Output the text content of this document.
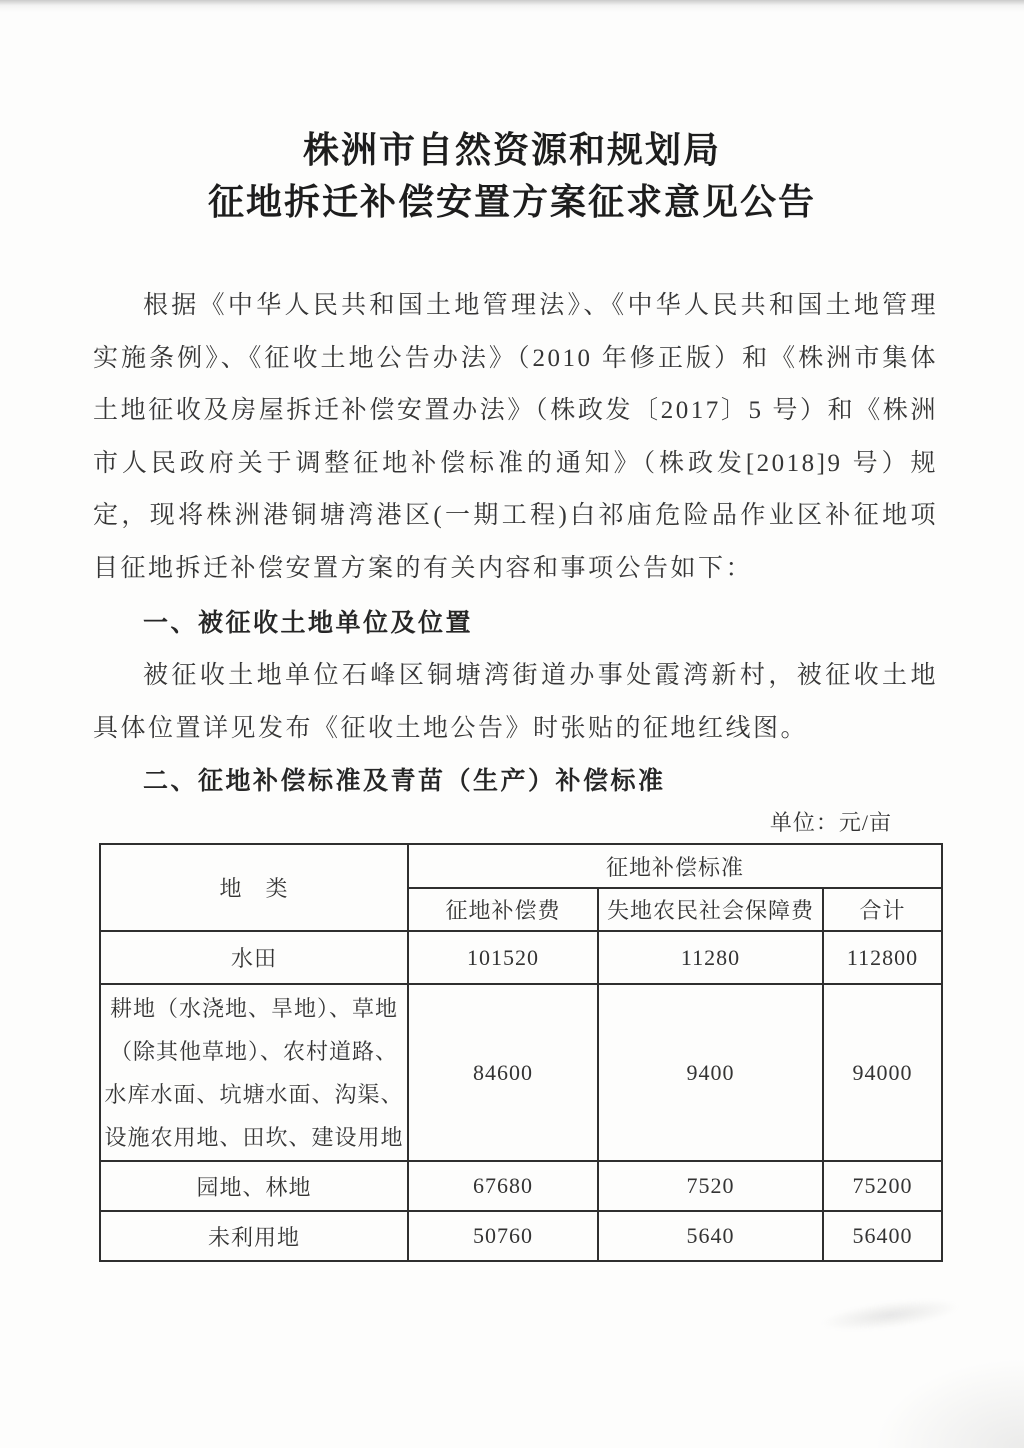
株洲市自然资源和规划局
征地拆迁补偿安置方案征求意见公告

根据《中华人民共和国土地管理法》、《中华人民共和国土地管理实施条例》、《征收土地公告办法》（2010 年修正版）和《株洲市集体土地征收及房屋拆迁补偿安置办法》（株政发〔2017〕5 号）和《株洲市人民政府关于调整征地补偿标准的通知》（株政发[2018]9 号）规定，现将株洲港铜塘湾港区(一期工程)白祁庙危险品作业区补征地项目征地拆迁补偿安置方案的有关内容和事项公告如下：

一、被征收土地单位及位置

被征收土地单位石峰区铜塘湾街道办事处霞湾新村，被征收土地具体位置详见发布《征收土地公告》时张贴的征地红线图。

二、征地补偿标准及青苗（生产）补偿标准

单位：元/亩
地　类	征地补偿标准		
	征地补偿费	失地农民社会保障费	合计
水田	101520	11280	112800
耕地（水浇地、旱地）、草地（除其他草地）、农村道路、水库水面、坑塘水面、沟渠、设施农用地、田坎、建设用地	84600	9400	94000
园地、林地	67680	7520	75200
未利用地	50760	5640	56400
